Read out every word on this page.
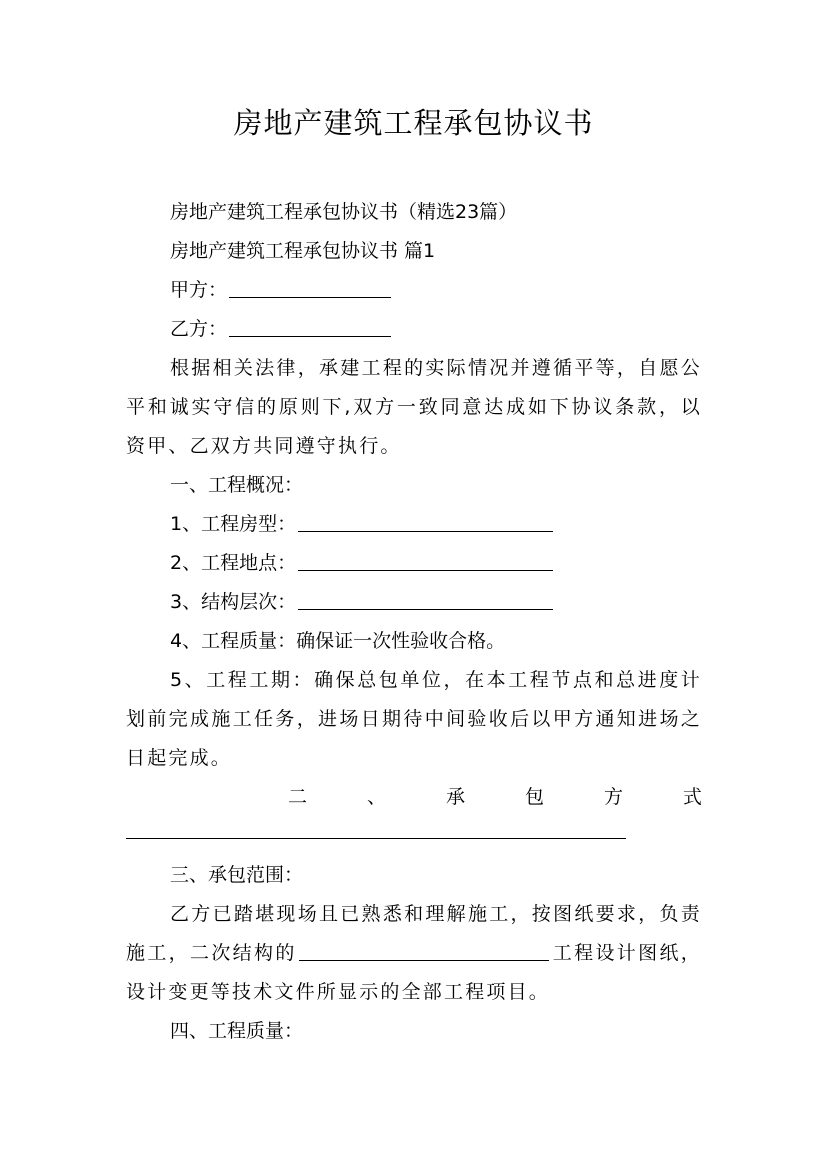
房地产建筑工程承包协议书
房地产建筑工程承包协议书（精选23篇）
房地产建筑工程承包协议书 篇1
甲方：
乙方：
根据相关法律，承建工程的实际情况并遵循平等，自愿公平和诚实守信的原则下,双方一致同意达成如下协议条款，以资甲、乙双方共同遵守执行。
一、工程概况：
1、工程房型：
2、工程地点：
3、结构层次：
4、工程质量：确保证一次性验收合格。
5、工程工期：确保总包单位，在本工程节点和总进度计划前完成施工任务，进场日期待中间验收后以甲方通知进场之日起完成。
二	、	承	包	方	式
三、承包范围：
乙方已踏堪现场且已熟悉和理解施工，按图纸要求，负责施工，二次结构的	工程设计图纸，设计变更等技术文件所显示的全部工程项目。
四、工程质量：
